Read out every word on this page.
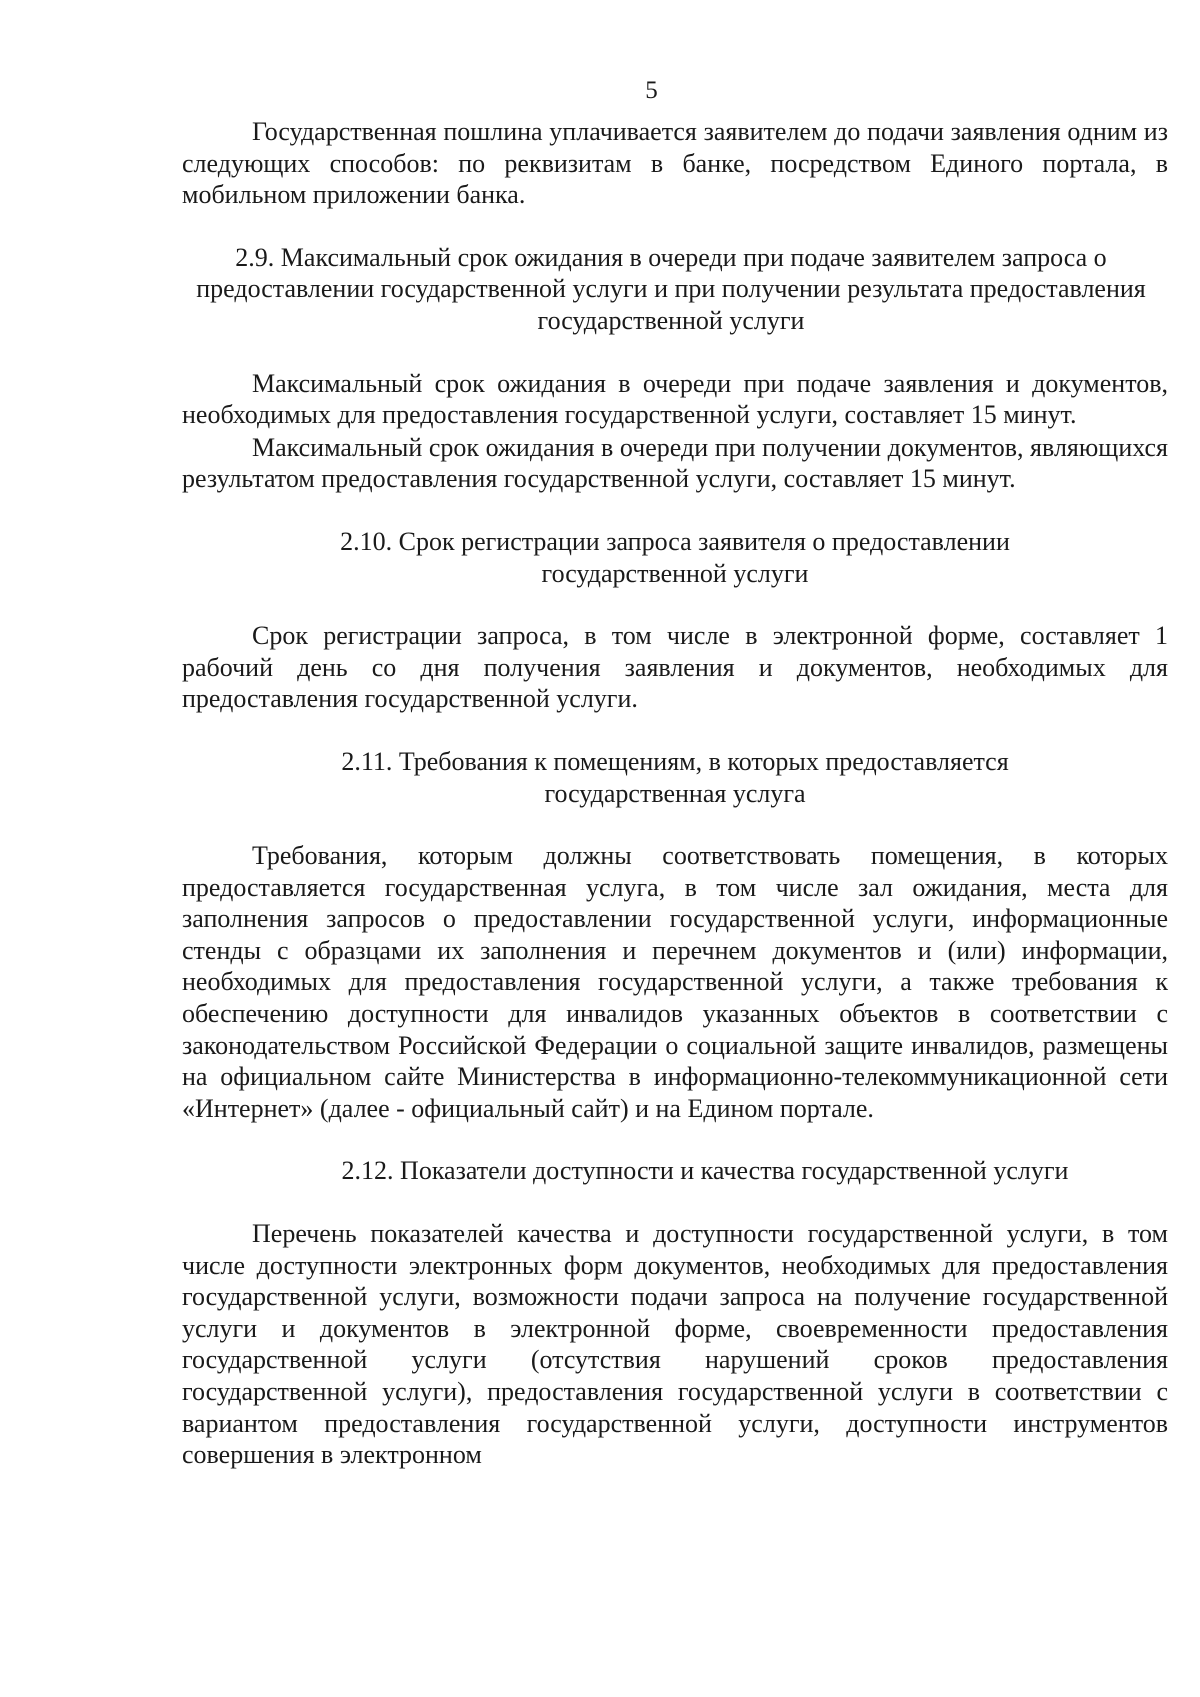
5

Государственная пошлина уплачивается заявителем до подачи заявления одним из следующих способов: по реквизитам в банке, посредством Единого портала, в мобильном приложении банка.

2.9. Максимальный срок ожидания в очереди при подаче заявителем запроса о предоставлении государственной услуги и при получении результата предоставления государственной услуги

Максимальный срок ожидания в очереди при подаче заявления и документов, необходимых для предоставления государственной услуги, составляет 15 минут.

Максимальный срок ожидания в очереди при получении документов, являющихся результатом предоставления государственной услуги, составляет 15 минут.

2.10. Срок регистрации запроса заявителя о предоставлении государственной услуги

Срок регистрации запроса, в том числе в электронной форме, составляет 1 рабочий день со дня получения заявления и документов, необходимых для предоставления государственной услуги.

2.11. Требования к помещениям, в которых предоставляется государственная услуга

Требования, которым должны соответствовать помещения, в которых предоставляется государственная услуга, в том числе зал ожидания, места для заполнения запросов о предоставлении государственной услуги, информационные стенды с образцами их заполнения и перечнем документов и (или) информации, необходимых для предоставления государственной услуги, а также требования к обеспечению доступности для инвалидов указанных объектов в соответствии с законодательством Российской Федерации о социальной защите инвалидов, размещены на официальном сайте Министерства в информационно-телекоммуникационной сети «Интернет» (далее - официальный сайт) и на Едином портале.

2.12. Показатели доступности и качества государственной услуги

Перечень показателей качества и доступности государственной услуги, в том числе доступности электронных форм документов, необходимых для предоставления государственной услуги, возможности подачи запроса на получение государственной услуги и документов в электронной форме, своевременности предоставления государственной услуги (отсутствия нарушений сроков предоставления государственной услуги), предоставления государственной услуги в соответствии с вариантом предоставления государственной услуги, доступности инструментов совершения в электронном
